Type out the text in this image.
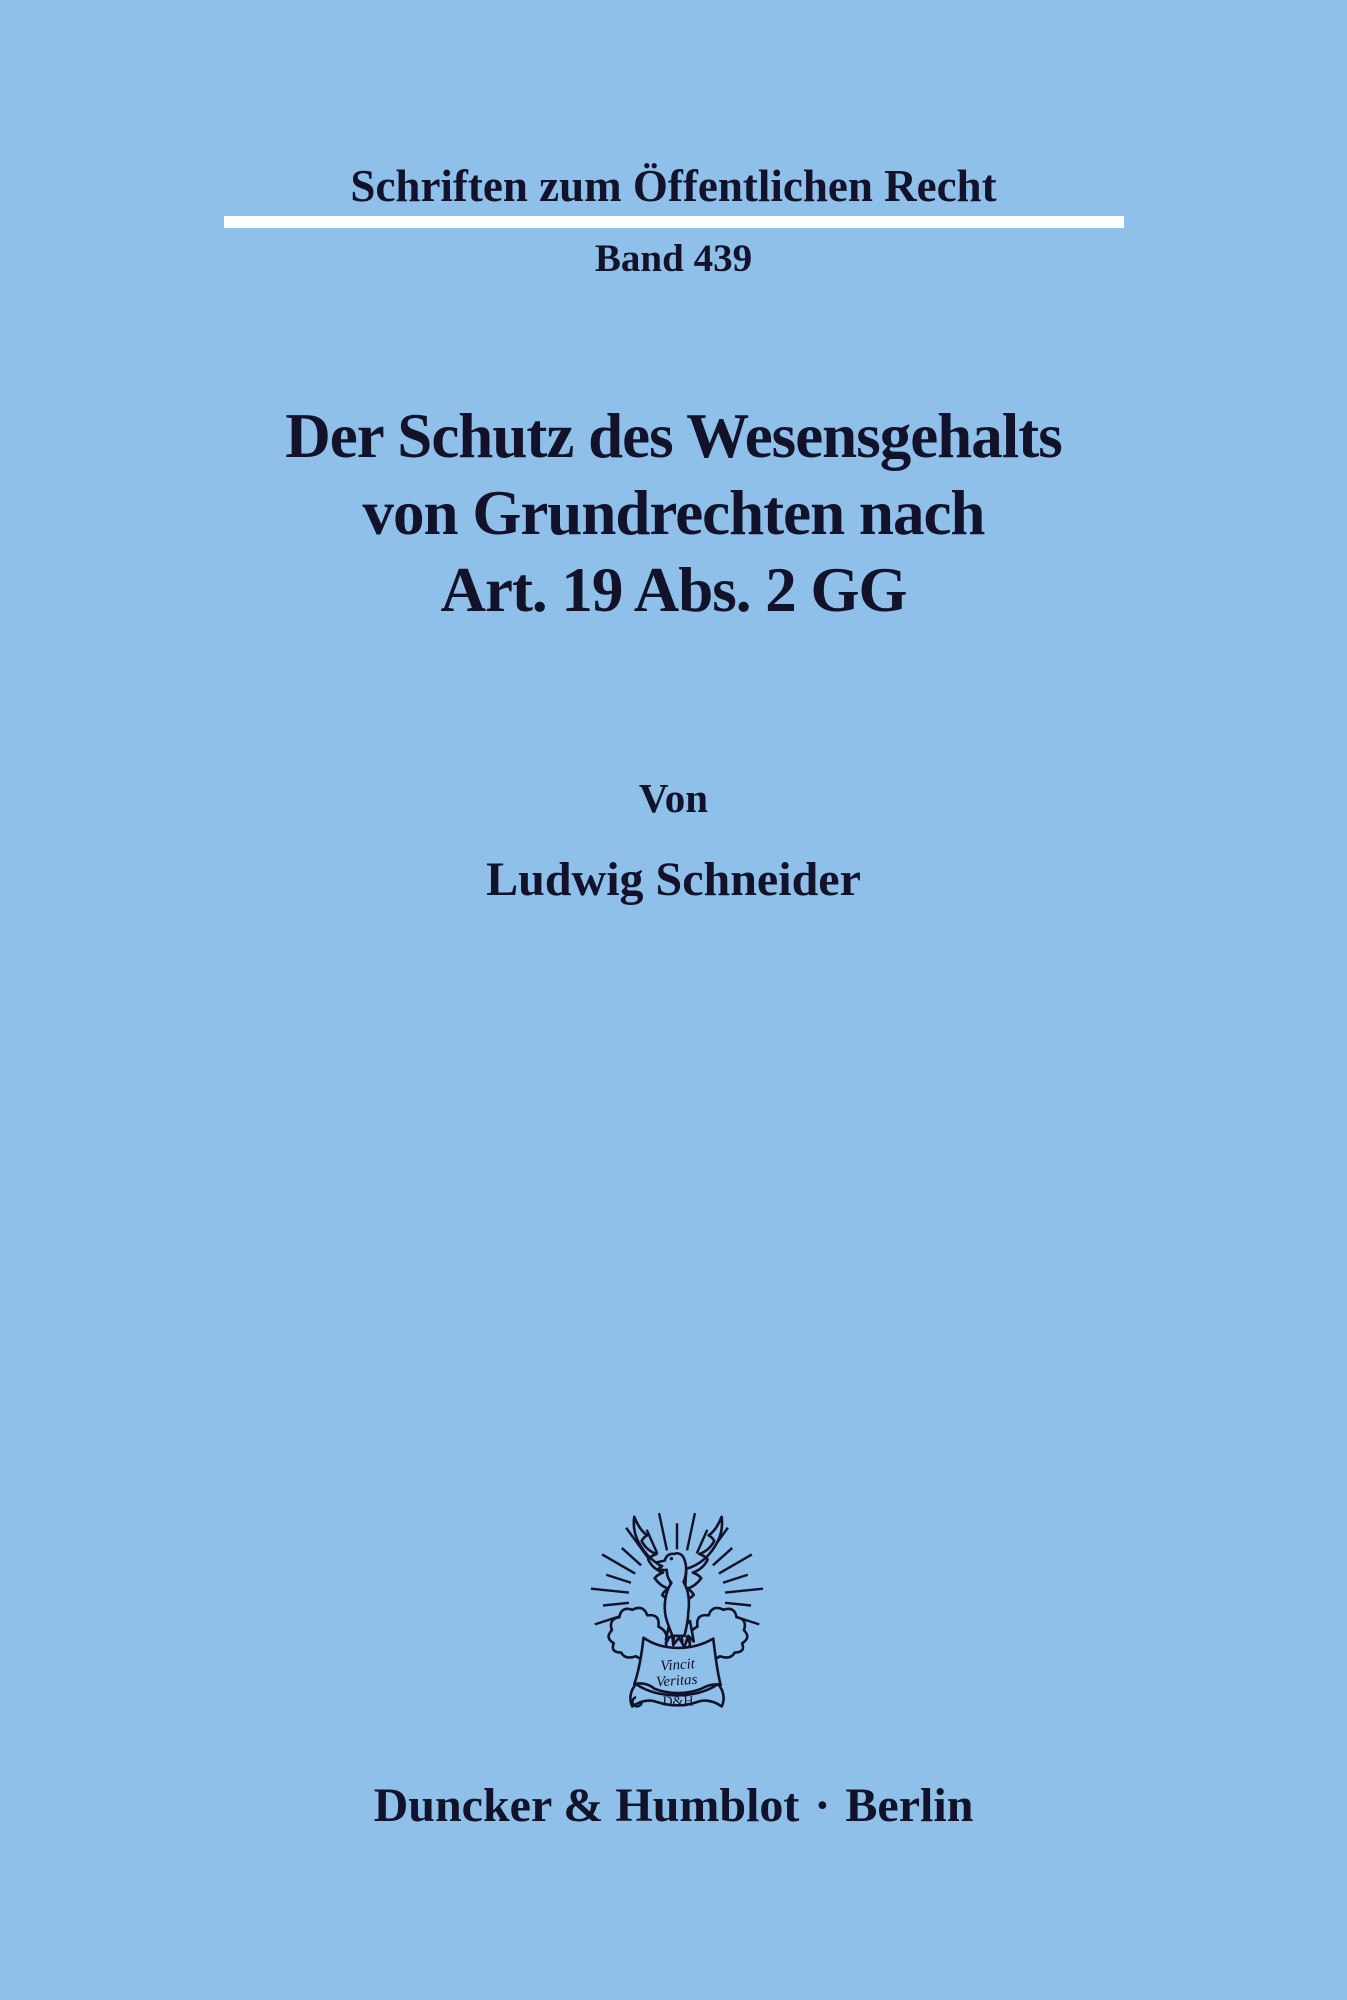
Schriften zum Öffentlichen Recht
Band 439
Der Schutz des Wesensgehalts
von Grundrechten nach
Art. 19 Abs. 2 GG
Von
Ludwig Schneider
Vincit
Veritas
D&H
Duncker & Humblot · Berlin
